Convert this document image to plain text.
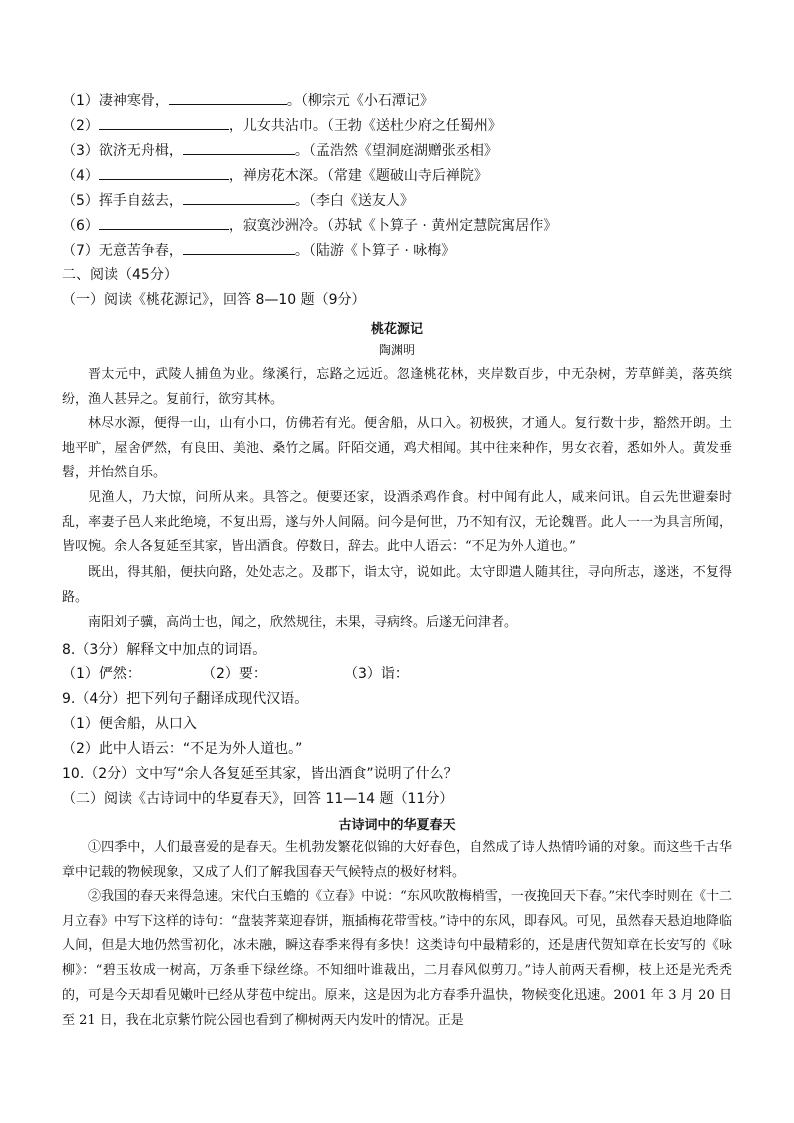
（1）凄神寒骨，	。（柳宗元《小石潭记》
（2）	，儿女共沾巾。（王勃《送杜少府之任蜀州》
（3）欲济无舟楫，	。（孟浩然《望洞庭湖赠张丞相》
（4）	，禅房花木深。（常建《题破山寺后禅院》
（5）挥手自兹去，	。（李白《送友人》
（6）	，寂寞沙洲冷。（苏轼《卜算子 · 黄州定慧院寓居作》
（7）无意苦争春，	。（陆游《卜算子 · 咏梅》
二、阅读（45分）
（一）阅读《桃花源记》，回答 8—10 题（9分）
桃花源记
陶渊明
晋太元中，武陵人捕鱼为业。缘溪行，忘路之远近。忽逢桃花林，夹岸数百步，中无杂树，芳草鲜美，落英缤纷，渔人甚异之。复前行，欲穷其林。
林尽水源，便得一山，山有小口，仿佛若有光。便舍船，从口入。初极狭，才通人。复行数十步，豁然开朗。土地平旷，屋舍俨然，有良田、美池、桑竹之属。阡陌交通，鸡犬相闻。其中往来种作，男女衣着，悉如外人。黄发垂髫，并怡然自乐。
见渔人，乃大惊，问所从来。具答之。便要还家，设酒杀鸡作食。村中闻有此人，咸来问讯。自云先世避秦时乱，率妻子邑人来此绝境，不复出焉，遂与外人间隔。问今是何世，乃不知有汉，无论魏晋。此人一一为具言所闻，皆叹惋。余人各复延至其家，皆出酒食。停数日，辞去。此中人语云：“不足为外人道也。”
既出，得其船，便扶向路，处处志之。及郡下，诣太守，说如此。太守即遣人随其往，寻向所志，遂迷，不复得路。
南阳刘子骥，高尚士也，闻之，欣然规往，未果，寻病终。后遂无问津者。
8.（3分）解释文中加点的词语。
（1）俨然：	（2）要：	（3）诣：
9.（4分）把下列句子翻译成现代汉语。
（1）便舍船，从口入
（2）此中人语云：“不足为外人道也。”
10.（2分）文中写“余人各复延至其家，皆出酒食”说明了什么？
（二）阅读《古诗词中的华夏春天》，回答 11—14 题（11分）
古诗词中的华夏春天
①四季中，人们最喜爱的是春天。生机勃发繁花似锦的大好春色，自然成了诗人热情吟诵的对象。而这些千古华章中记载的物候现象，又成了人们了解我国春天气候特点的极好材料。
②我国的春天来得急速。宋代白玉蟾的《立春》中说：“东风吹散梅梢雪，一夜挽回天下春。”宋代李时则在《十二月立春》中写下这样的诗句：“盘装荠菜迎春饼，瓶插梅花带雪枝。”诗中的东风，即春风。可见，虽然春天悬迫地降临人间，但是大地仍然雪初化，冰未融，瞬这春季来得有多快！这类诗句中最精彩的，还是唐代贺知章在长安写的《咏柳》：“碧玉妆成一树高，万条垂下绿丝绦。不知细叶谁裁出，二月春风似剪刀。”诗人前两天看柳，枝上还是光秃秃的，可是今天却看见嫩叶已经从芽苞中绽出。原来，这是因为北方春季升温快，物候变化迅速。2001 年 3 月 20 日至 21 日，我在北京紫竹院公园也看到了柳树两天内发叶的情况。正是
